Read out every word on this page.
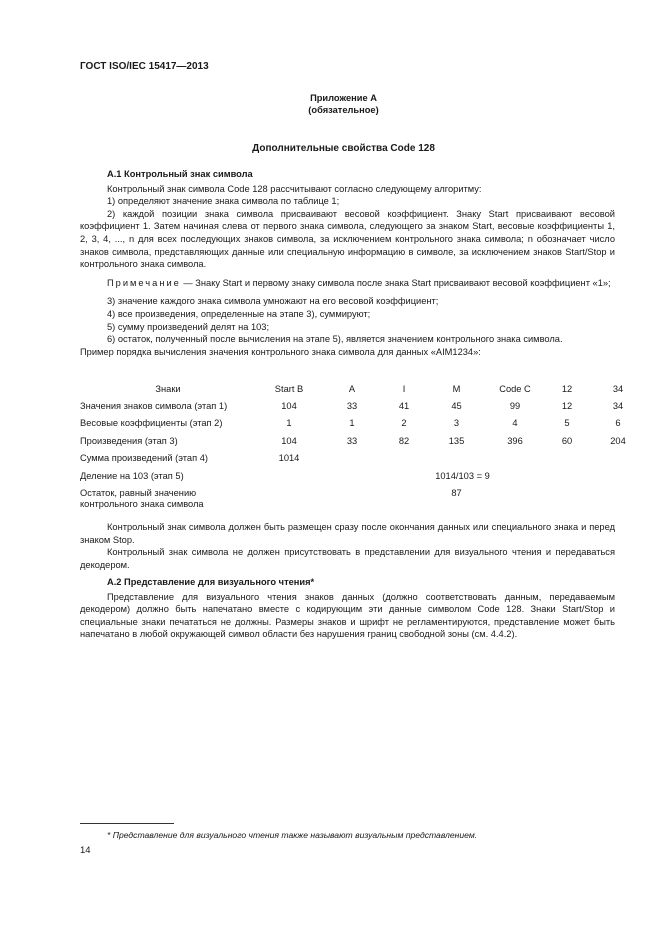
ГОСТ ISO/IEC 15417—2013
Приложение А
(обязательное)
Дополнительные свойства Code 128

А.1 Контрольный знак символа

Контрольный знак символа Code 128 рассчитывают согласно следующему алгоритму:

1) определяют значение знака символа по таблице 1;

2) каждой позиции знака символа присваивают весовой коэффициент. Знаку Start присваивают весовой коэффициент 1. Затем начиная слева от первого знака символа, следующего за знаком Start, весовые коэффициенты 1, 2, 3, 4, ..., n для всех последующих знаков символа, за исключением контрольного знака символа; n обозначает число знаков символа, представляющих данные или специальную информацию в символе, за исключением знаков Start/Stop и контрольного знака символа.

Примечание — Знаку Start и первому знаку символа после знака Start присваивают весовой коэффициент «1»;

3) значение каждого знака символа умножают на его весовой коэффициент;

4) все произведения, определенные на этапе 3), суммируют;

5) сумму произведений делят на 103;

6) остаток, полученный после вычисления на этапе 5), является значением контрольного знака символа.

Пример порядка вычисления значения контрольного знака символа для данных «AIM1234»:

Знаки	Start B	A	I	M	Code C	12	34
Значения знаков символа (этап 1)	104	33	41	45	99	12	34
Весовые коэффициенты (этап 2)	1	1	2	3	4	5	6
Произведения (этап 3)	104	33	82	135	396	60	204
Сумма произведений (этап 4)	1014						
Деление на 103 (этап 5)			1014/103 = 9				

Остаток, равный значению
контрольного знака символа				87			

Контрольный знак символа должен быть размещен сразу после окончания данных или специального знака и перед знаком Stop.

Контрольный знак символа не должен присутствовать в представлении для визуального чтения и передаваться декодером.

А.2 Представление для визуального чтения*

Представление для визуального чтения знаков данных (должно соответствовать данным, передаваемым декодером) должно быть напечатано вместе с кодирующим эти данные символом Code 128. Знаки Start/Stop и специальные знаки печататься не должны. Размеры знаков и шрифт не регламентируются, представление может быть напечатано в любой окружающей символ области без нарушения границ свободной зоны (см. 4.4.2).

* Представление для визуального чтения также называют визуальным представлением.
14
